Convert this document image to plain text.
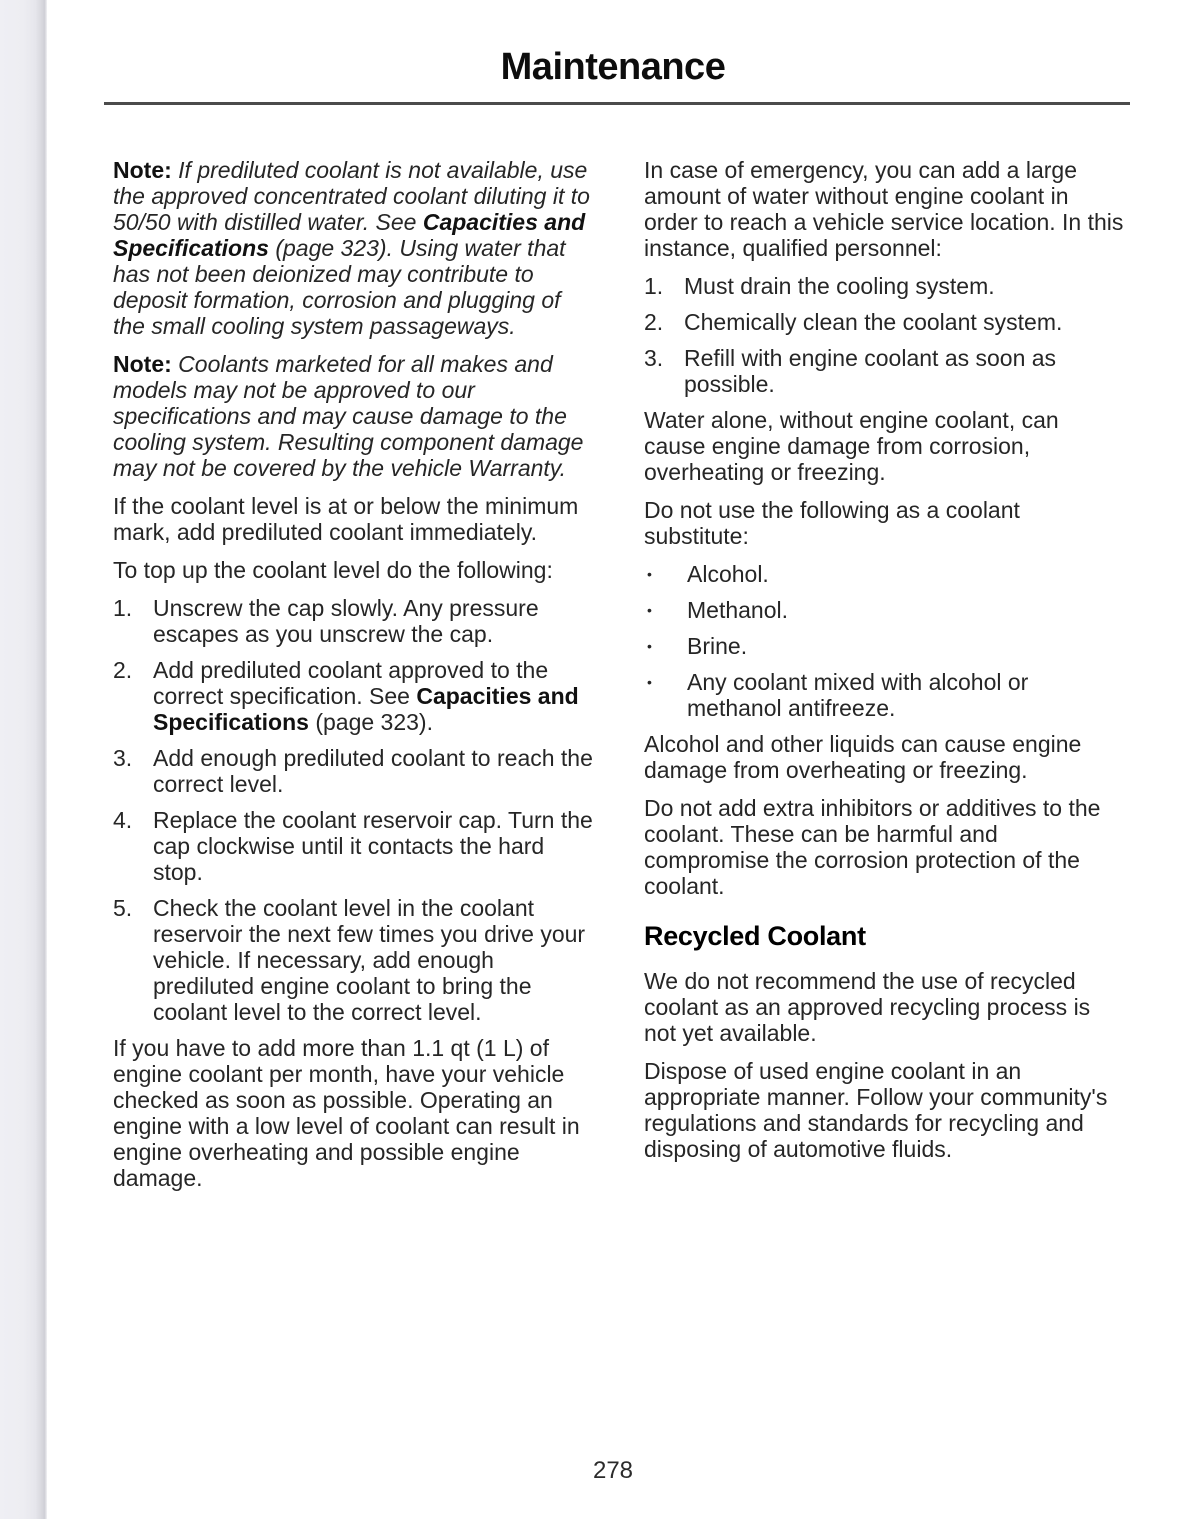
Maintenance

Note: If prediluted coolant is not available, use the approved concentrated coolant diluting it to 50/50 with distilled water. See Capacities and Specifications (page 323). Using water that has not been deionized may contribute to deposit formation, corrosion and plugging of the small cooling system passageways.

Note: Coolants marketed for all makes and models may not be approved to our specifications and may cause damage to the cooling system. Resulting component damage may not be covered by the vehicle Warranty.

If the coolant level is at or below the minimum mark, add prediluted coolant immediately.

To top up the coolant level do the following:

1. Unscrew the cap slowly. Any pressure escapes as you unscrew the cap.
2. Add prediluted coolant approved to the correct specification. See Capacities and Specifications (page 323).
3. Add enough prediluted coolant to reach the correct level.
4. Replace the coolant reservoir cap. Turn the cap clockwise until it contacts the hard stop.
5. Check the coolant level in the coolant reservoir the next few times you drive your vehicle. If necessary, add enough prediluted engine coolant to bring the coolant level to the correct level.

If you have to add more than 1.1 qt (1 L) of engine coolant per month, have your vehicle checked as soon as possible. Operating an engine with a low level of coolant can result in engine overheating and possible engine damage.

In case of emergency, you can add a large amount of water without engine coolant in order to reach a vehicle service location. In this instance, qualified personnel:

1. Must drain the cooling system.
2. Chemically clean the coolant system.
3. Refill with engine coolant as soon as possible.

Water alone, without engine coolant, can cause engine damage from corrosion, overheating or freezing.

Do not use the following as a coolant substitute:

•	Alcohol.
•	Methanol.
•	Brine.
•	Any coolant mixed with alcohol or methanol antifreeze.

Alcohol and other liquids can cause engine damage from overheating or freezing.

Do not add extra inhibitors or additives to the coolant. These can be harmful and compromise the corrosion protection of the coolant.

Recycled Coolant

We do not recommend the use of recycled coolant as an approved recycling process is not yet available.

Dispose of used engine coolant in an appropriate manner. Follow your community's regulations and standards for recycling and disposing of automotive fluids.

278
